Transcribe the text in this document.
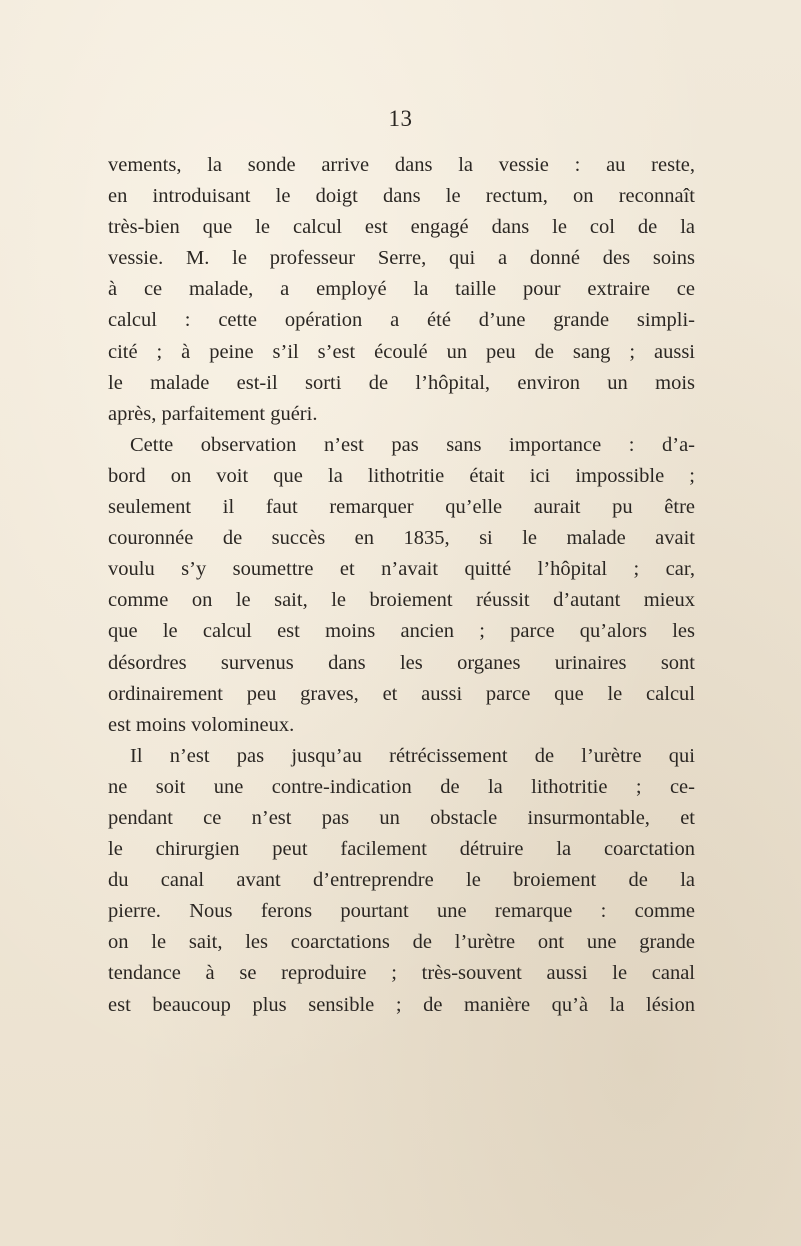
13
vements, la sonde arrive dans la vessie : au reste,
en introduisant le doigt dans le rectum, on reconnaît
très-bien que le calcul est engagé dans le col de la
vessie. M. le professeur Serre, qui a donné des soins
à ce malade, a employé la taille pour extraire ce
calcul : cette opération a été d’une grande simpli-
cité ; à peine s’il s’est écoulé un peu de sang ; aussi
le malade est-il sorti de l’hôpital, environ un mois
après, parfaitement guéri.
Cette observation n’est pas sans importance : d’a-
bord on voit que la lithotritie était ici impossible ;
seulement il faut remarquer qu’elle aurait pu être
couronnée de succès en 1835, si le malade avait
voulu s’y soumettre et n’avait quitté l’hôpital ; car,
comme on le sait, le broiement réussit d’autant mieux
que le calcul est moins ancien ; parce qu’alors les
désordres survenus dans les organes urinaires sont
ordinairement peu graves, et aussi parce que le calcul
est moins volomineux.
Il n’est pas jusqu’au rétrécissement de l’urètre qui
ne soit une contre-indication de la lithotritie ; ce-
pendant ce n’est pas un obstacle insurmontable, et
le chirurgien peut facilement détruire la coarctation
du canal avant d’entreprendre le broiement de la
pierre. Nous ferons pourtant une remarque : comme
on le sait, les coarctations de l’urètre ont une grande
tendance à se reproduire ; très-souvent aussi le canal
est beaucoup plus sensible ; de manière qu’à la lésion
